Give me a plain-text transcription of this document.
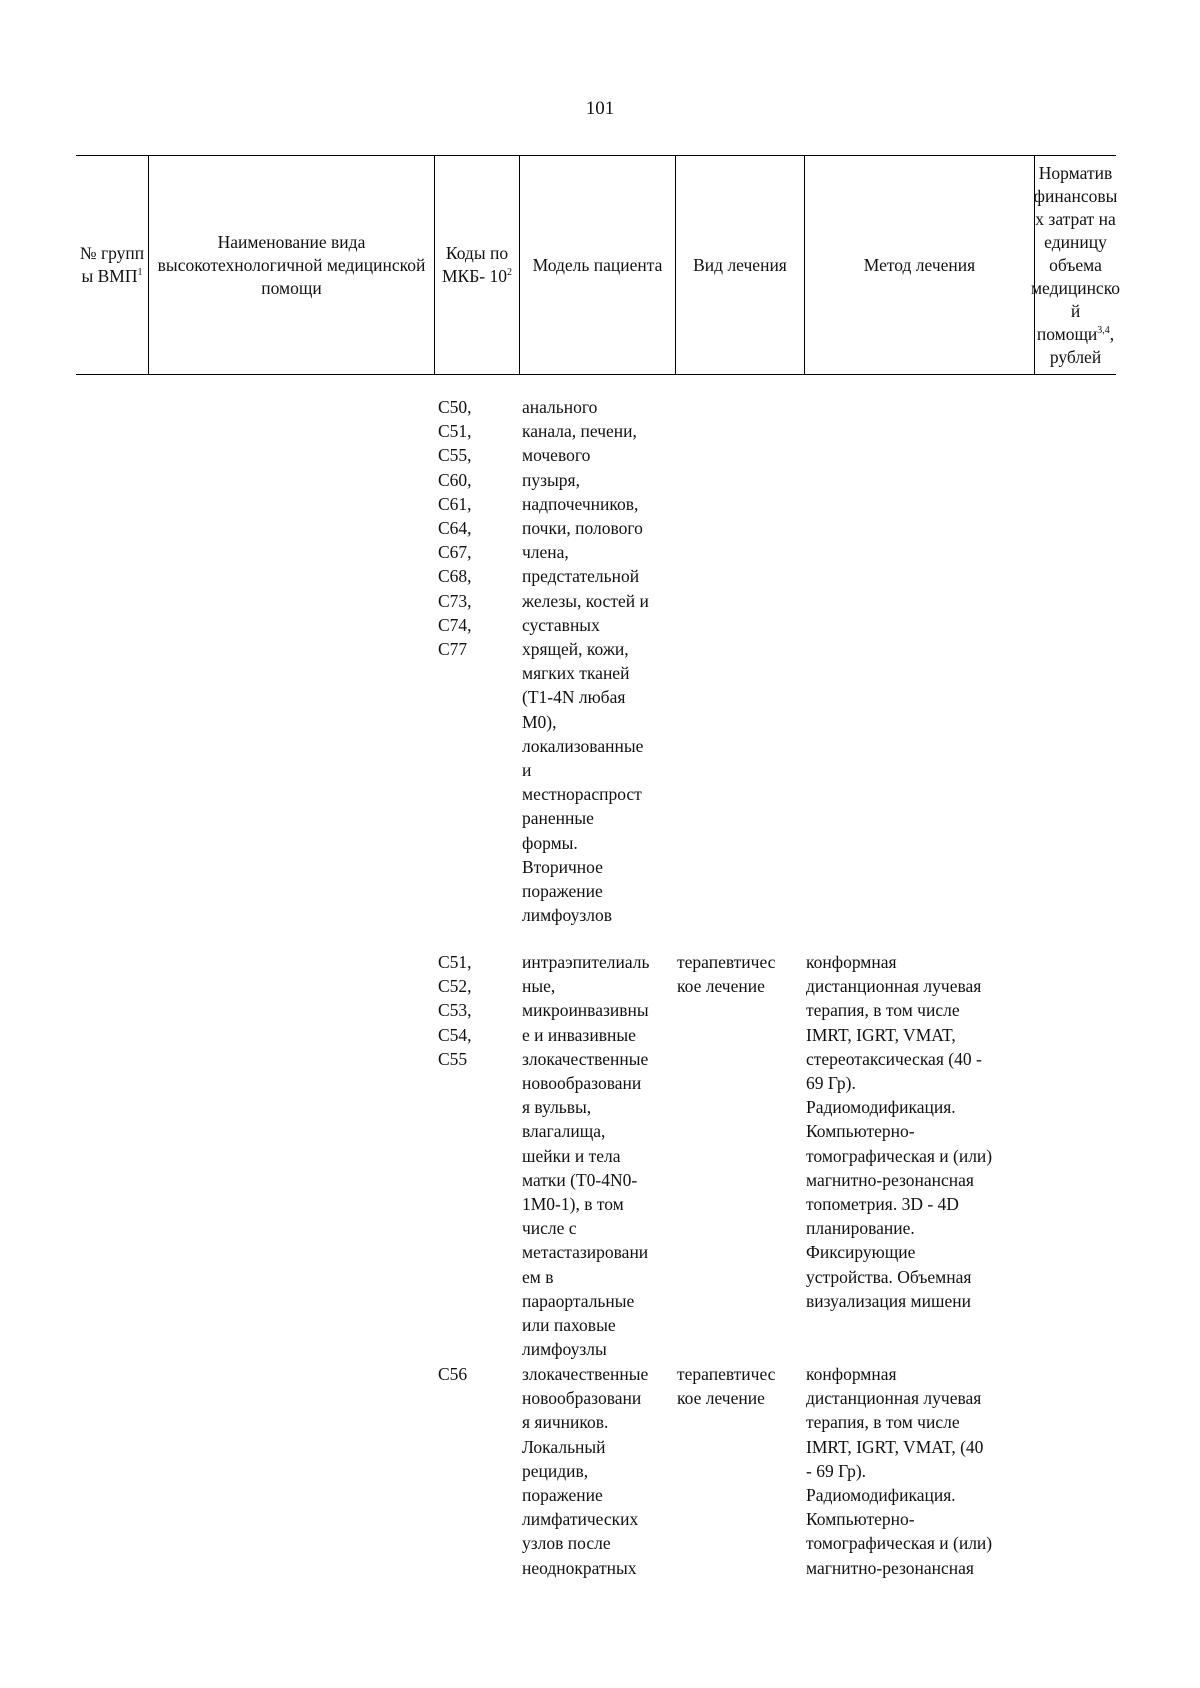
101
№ групп ы ВМП$^1$
Наименование вида высокотехнологичной медицинской помощи
Коды по МКБ- $10^2$ Модель пациента Вид лечения	Метод лечения
Норматив финансовы х затрат на единицу объема медицинско й помощи$^{3,4}$, рублей
C50,
C51,
C55,
C60,
C61,
C64,
C67,
C68,
C73,
C74,
C77
анального
канала, печени,
мочевого
пузыря,
надпочечников,
почки, полового
члена,
предстательной
железы, костей и
суставных
хрящей, кожи,
мягких тканей
(T1-4N любая
M0),
локализованные
и
местнораспрост
раненные
формы.
Вторичное
поражение
лимфоузлов
C51,
C52,
C53,
C54,
C55
интраэпителиаль
ные,
микроинвазивны
е и инвазивные
злокачественные
новообразовани
я вульвы,
влагалища,
шейки и тела
матки (T0-4N0-
1M0-1), в том
числе с
метастазировани
ем в
параортальные
или паховые
лимфоузлы
терапевтичес
кое лечение
конформная
дистанционная лучевая
терапия, в том числе
IMRT, IGRT, VMAT,
стереотаксическая (40 -
69 Гр).
Радиомодификация.
Компьютерно-
томографическая и (или)
магнитно-резонансная
топометрия. 3D - 4D
планирование.
Фиксирующие
устройства. Объемная
визуализация мишени
C56	злокачественные
новообразовани
я яичников.
Локальный
рецидив,
поражение
лимфатических
узлов после
неоднократных
терапевтичес
кое лечение
конформная
дистанционная лучевая
терапия, в том числе
IMRT, IGRT, VMAT, (40
- 69 Гр).
Радиомодификация.
Компьютерно-
томографическая и (или)
магнитно-резонансная
